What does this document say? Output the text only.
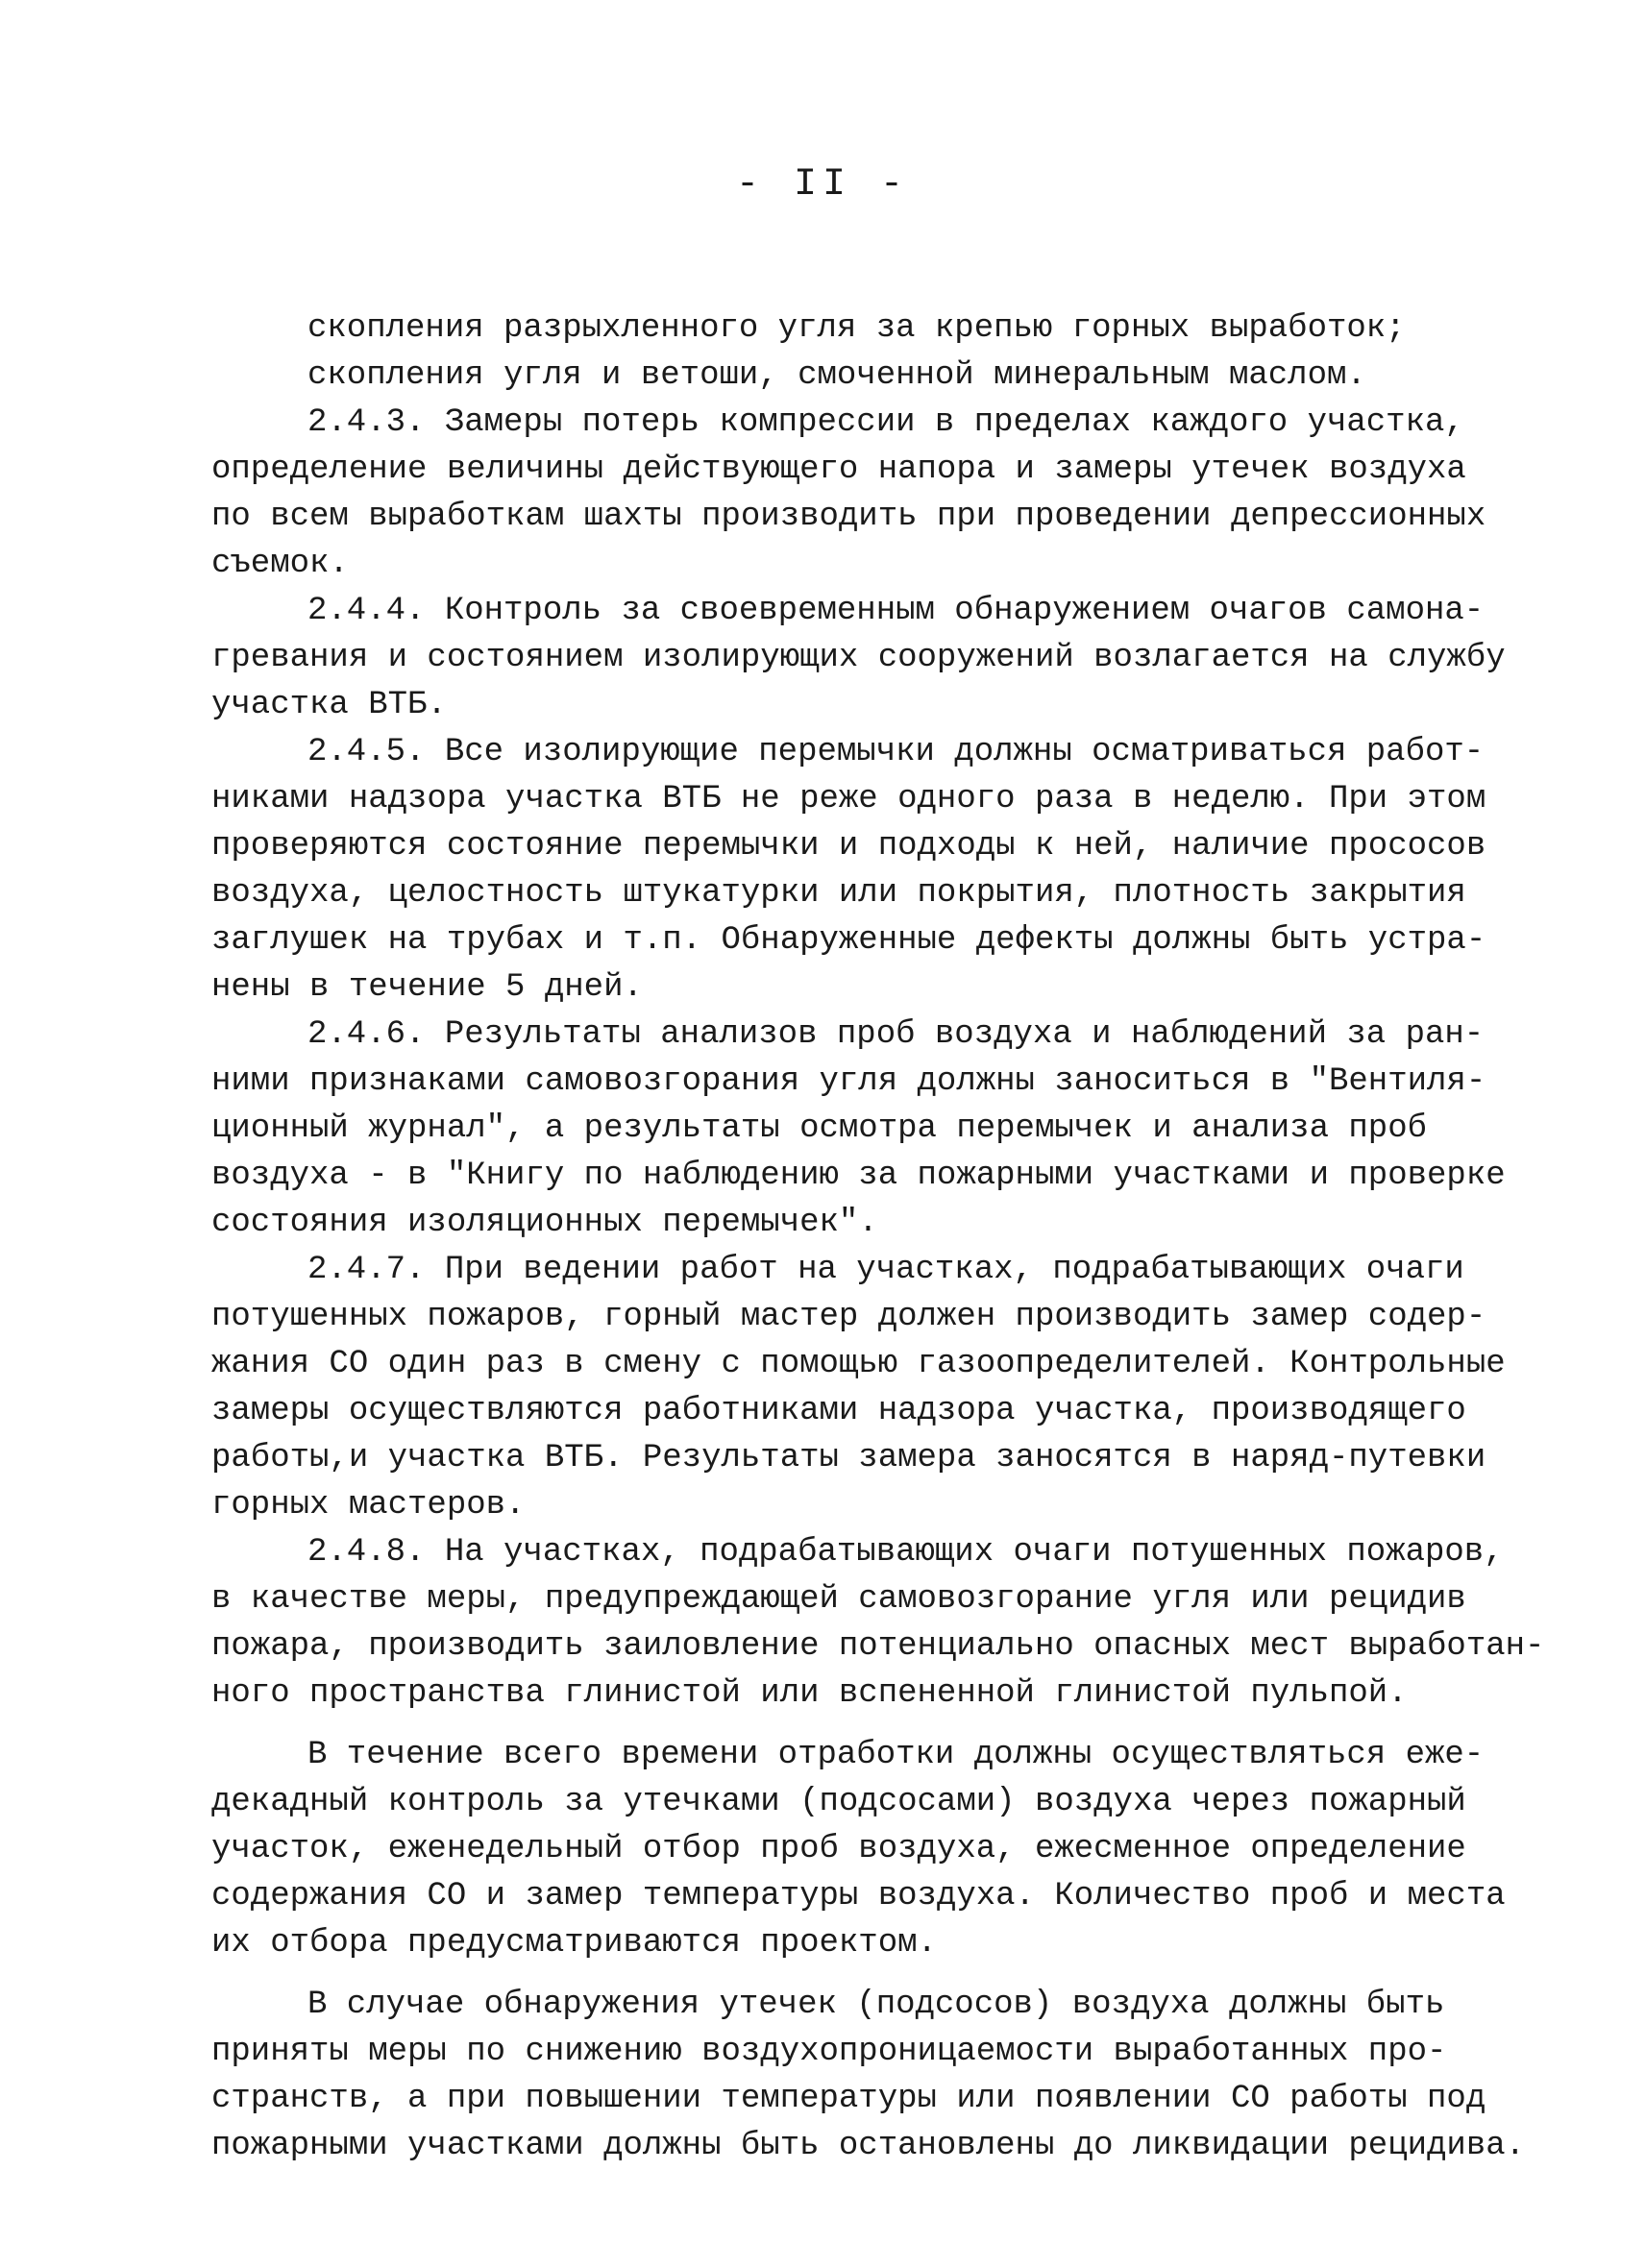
- II -
скопления разрыхленного угля за крепью горных выработок;
скопления угля и ветоши, смоченной минеральным маслом.
2.4.3. Замеры потерь компрессии в пределах каждого участка,
определение величины действующего напора и замеры утечек воздуха
по всем выработкам шахты производить при проведении депрессионных
съемок.
2.4.4. Контроль за своевременным обнаружением очагов самона-
гревания и состоянием изолирующих сооружений возлагается на службу
участка ВТБ.
2.4.5. Все изолирующие перемычки должны осматриваться работ-
никами надзора участка ВТБ не реже одного раза в неделю. При этом
проверяются состояние перемычки и подходы к ней, наличие прососов
воздуха, целостность штукатурки или покрытия, плотность закрытия
заглушек на трубах и т.п. Обнаруженные дефекты должны быть устра-
нены в течение 5 дней.
2.4.6. Результаты анализов проб воздуха и наблюдений за ран-
ними признаками самовозгорания угля должны заноситься в "Вентиля-
ционный журнал", а результаты осмотра перемычек и анализа проб
воздуха - в "Книгу по наблюдению за пожарными участками и проверке
состояния изоляционных перемычек".
2.4.7. При ведении работ на участках, подрабатывающих очаги
потушенных пожаров, горный мастер должен производить замер содер-
жания СО один раз в смену с помощью газоопределителей. Контрольные
замеры осуществляются работниками надзора участка, производящего
работы,и участка ВТБ. Результаты замера заносятся в наряд-путевки
горных мастеров.
2.4.8. На участках, подрабатывающих очаги потушенных пожаров,
в качестве меры, предупреждающей самовозгорание угля или рецидив
пожара, производить заиловление потенциально опасных мест выработан-
ного пространства глинистой или вспененной глинистой пульпой.
В течение всего времени отработки должны осуществляться еже-
декадный контроль за утечками (подсосами) воздуха через пожарный
участок, еженедельный отбор проб воздуха, ежесменное определение
содержания СО и замер температуры воздуха. Количество проб и места
их отбора предусматриваются проектом.
В случае обнаружения утечек (подсосов) воздуха должны быть
приняты меры по снижению воздухопроницаемости выработанных про-
странств, а при повышении температуры или появлении СО работы под
пожарными участками должны быть остановлены до ликвидации рецидива.
